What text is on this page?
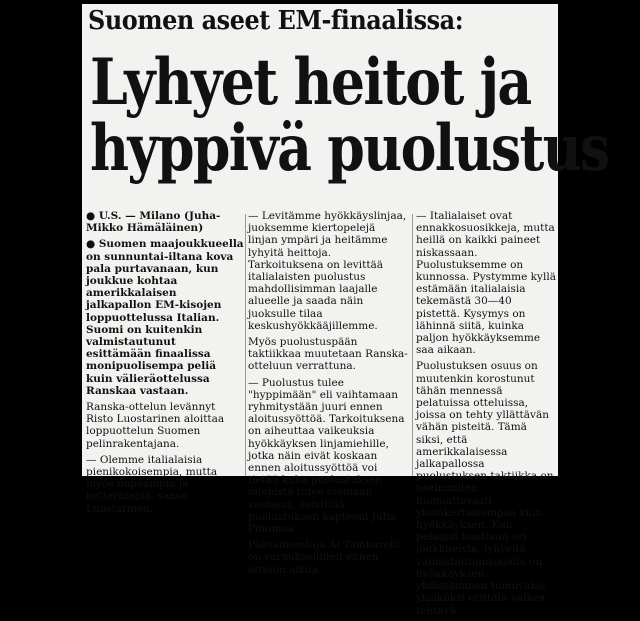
Suomen aseet EM-finaalissa:
Lyhyet heitot ja
hyppivä puolustus

● U.S. — Milano (Juha-Mikko Hämäläinen)

● Suomen maajoukkueella on sunnuntai-iltana kova pala purtavanaan, kun joukkue kohtaa amerikkalaisen jalkapallon EM-kisojen loppuottelussa Italian. Suomi on kuitenkin valmistautunut esittämään finaalissa monipuolisempa peliä kuin välieräottelussa Ranskaa vastaan.

Ranska-ottelun levännyt Risto Luostarinen aloittaa loppuottelun Suomen pelinrakentajana.

— Olemme italialaisia pienikokoisempia, mutta myös nopeampia ja ketterämpiä, sanoo Luostarinen.

— Levitämme hyökkäyslinjaa, juoksemme kiertopelejä linjan ympäri ja heitämme lyhyitä heittoja. Tarkoituksena on levittää italialaisten puolustus mahdollisimman laajalle alueelle ja saada näin juoksulle tilaa keskushyökkääjillemme.

Myös puolustuspään taktiikkaa muutetaan Ranska-otteluun verrattuna.

— Puolustus tulee "hyppimään" eli vaihtamaan ryhmitystään juuri ennen aloitussyöttöä. Tarkoituksena on aiheuttaa vaikeuksia hyökkäyksen linjamiehille, jotka näin eivät koskaan ennen aloitussyöttöä voi tietää kuka puolustuksen miehistä tulee olemaan vastassa, selvittää puolustuksen kapteeni Juha Pinomaa.

Päävalmentaja Al Tambarelli on varauksellinen ennen ottelun alkua:

— Italialaiset ovat ennakkosuosikkeja, mutta heillä on kaikki paineet niskassaan. Puolustuksemme on kunnossa. Pystymme kyllä estämään italialaisia tekemästä 30—40 pistettä. Kysymys on lähinnä siitä, kuinka paljon hyökkäyksemme saa aikaan.

Puolustuksen osuus on muutenkin korostunut tähän mennessä pelatuissa otteluissa, joissa on tehty yllättävän vähän pisteitä. Tämä siksi, että amerikkalaisessa jalkapallossa puolustuksen taktiikka on useimmiten huomattavasti yksinkertaisempaa kuin hyökkäyksen. Kun pelaajat koottaan eri joukkueista, lyhyellä valmistautumisajalla on hyökkäyksen yhdistäminen toimivaksi yksiköksi erittäin vaikea tehtävä.
